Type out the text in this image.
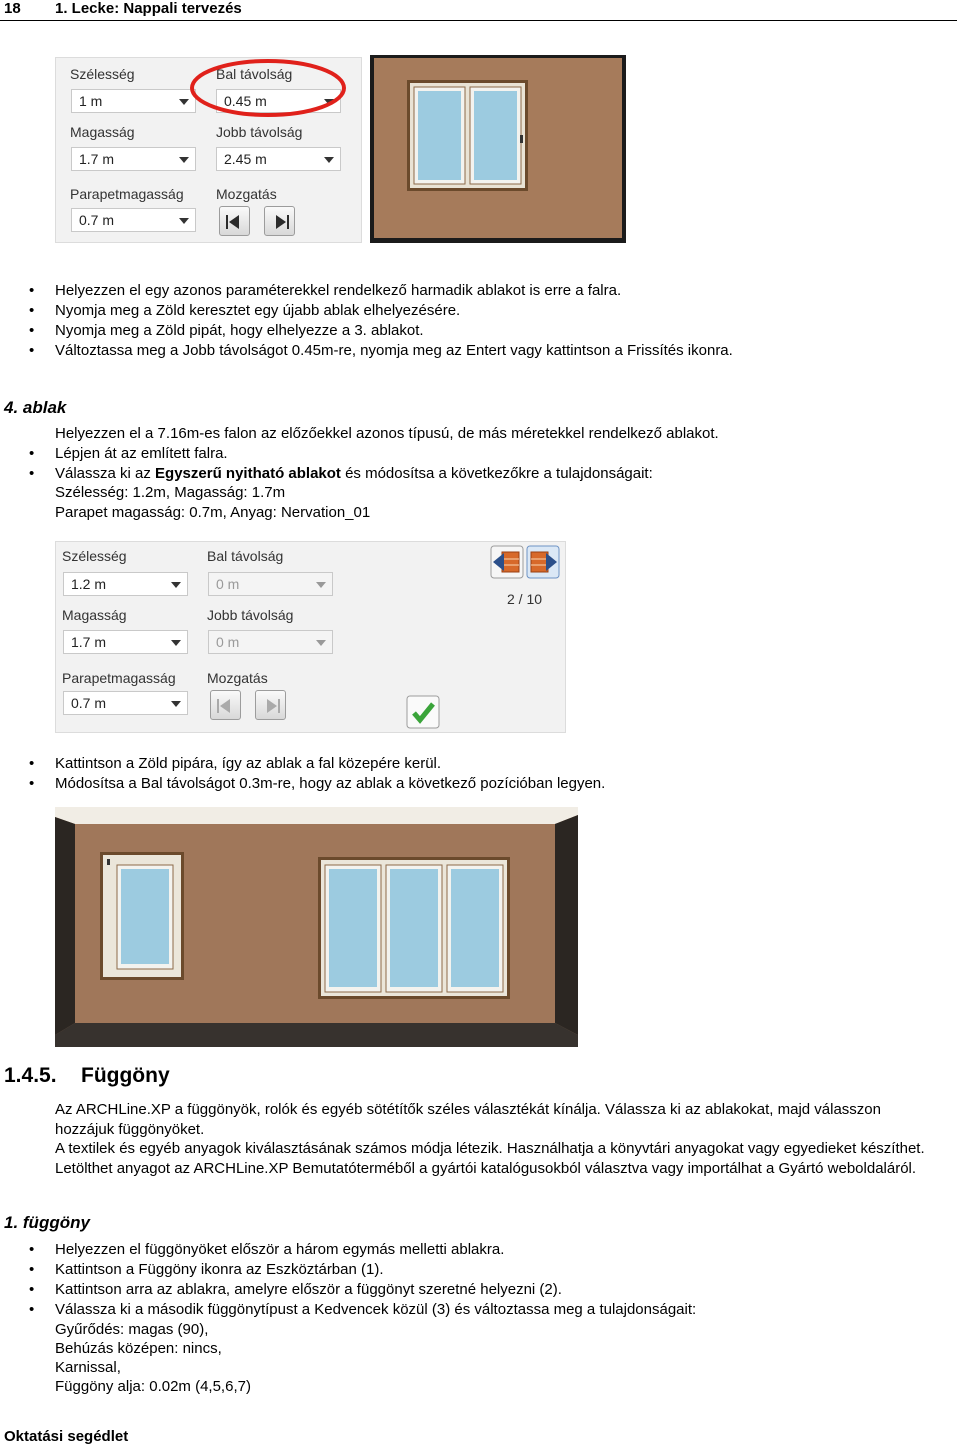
18 1. Lecke: Nappali tervezés
Szélesség
1 m
Bal távolság
0.45 m
Magasság
1.7 m
Jobb távolság
2.45 m
Parapetmagasság
0.7 m
Mozgatás
• Helyezzen el egy azonos paraméterekkel rendelkező harmadik ablakot is erre a falra.
• Nyomja meg a Zöld keresztet egy újabb ablak elhelyezésére.
• Nyomja meg a Zöld pipát, hogy elhelyezze a 3. ablakot.
• Változtassa meg a Jobb távolságot 0.45m-re, nyomja meg az Entert vagy kattintson a Frissítés ikonra.
4. ablak
Helyezzen el a 7.16m-es falon az előzőekkel azonos típusú, de más méretekkel rendelkező ablakot.
• Lépjen át az említett falra.
• Válassza ki az Egyszerű nyitható ablakot és módosítsa a következőkre a tulajdonságait:
Szélesség: 1.2m, Magasság: 1.7m
Parapet magasság: 0.7m, Anyag: Nervation_01
Szélesség
1.2 m
Bal távolság
0 m
Magasság
1.7 m
Jobb távolság
0 m
Parapetmagasság
0.7 m
Mozgatás
2 / 10
• Kattintson a Zöld pipára, így az ablak a fal közepére kerül.
• Módosítsa a Bal távolságot 0.3m-re, hogy az ablak a következő pozícióban legyen.
1.4.5. Függöny
Az ARCHLine.XP a függönyök, rolók és egyéb sötétítők széles választékát kínálja. Válassza ki az ablakokat, majd válasszon hozzájuk függönyöket.
A textilek és egyéb anyagok kiválasztásának számos módja létezik. Használhatja a könyvtári anyagokat vagy egyedieket készíthet. Letölthet anyagot az ARCHLine.XP Bemutatóterméből a gyártói katalógusokból választva vagy importálhat a Gyártó weboldaláról.
1. függöny
• Helyezzen el függönyöket először a három egymás melletti ablakra.
• Kattintson a Függöny ikonra az Eszköztárban (1).
• Kattintson arra az ablakra, amelyre először a függönyt szeretné helyezni (2).
• Válassza ki a második függönytípust a Kedvencek közül (3) és változtassa meg a tulajdonságait:
Gyűrődés: magas (90),
Behúzás középen: nincs,
Karnissal,
Függöny alja: 0.02m (4,5,6,7)
Oktatási segédlet
